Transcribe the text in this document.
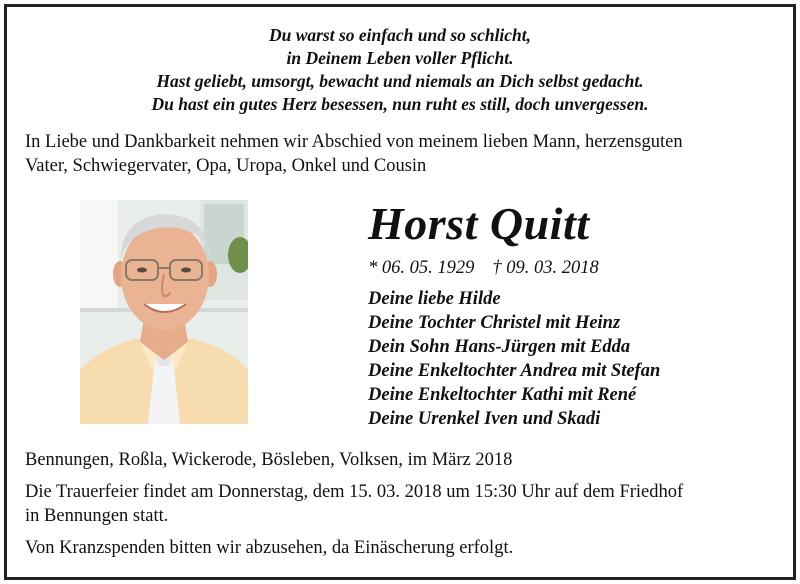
Du warst so einfach und so schlicht,
in Deinem Leben voller Pflicht.
Hast geliebt, umsorgt, bewacht und niemals an Dich selbst gedacht.
Du hast ein gutes Herz besessen, nun ruht es still, doch unvergessen.
In Liebe und Dankbarkeit nehmen wir Abschied von meinem lieben Mann, herzensguten
Vater, Schwiegervater, Opa, Uropa, Onkel und Cousin
Horst Quitt
* 06. 05. 1929 † 09. 03. 2018
Deine liebe Hilde
Deine Tochter Christel mit Heinz
Dein Sohn Hans-Jürgen mit Edda
Deine Enkeltochter Andrea mit Stefan
Deine Enkeltochter Kathi mit René
Deine Urenkel Iven und Skadi
Bennungen, Roßla, Wickerode, Bösleben, Volksen, im März 2018
Die Trauerfeier findet am Donnerstag, dem 15. 03. 2018 um 15:30 Uhr auf dem Friedhof
in Bennungen statt.
Von Kranzspenden bitten wir abzusehen, da Einäscherung erfolgt.
